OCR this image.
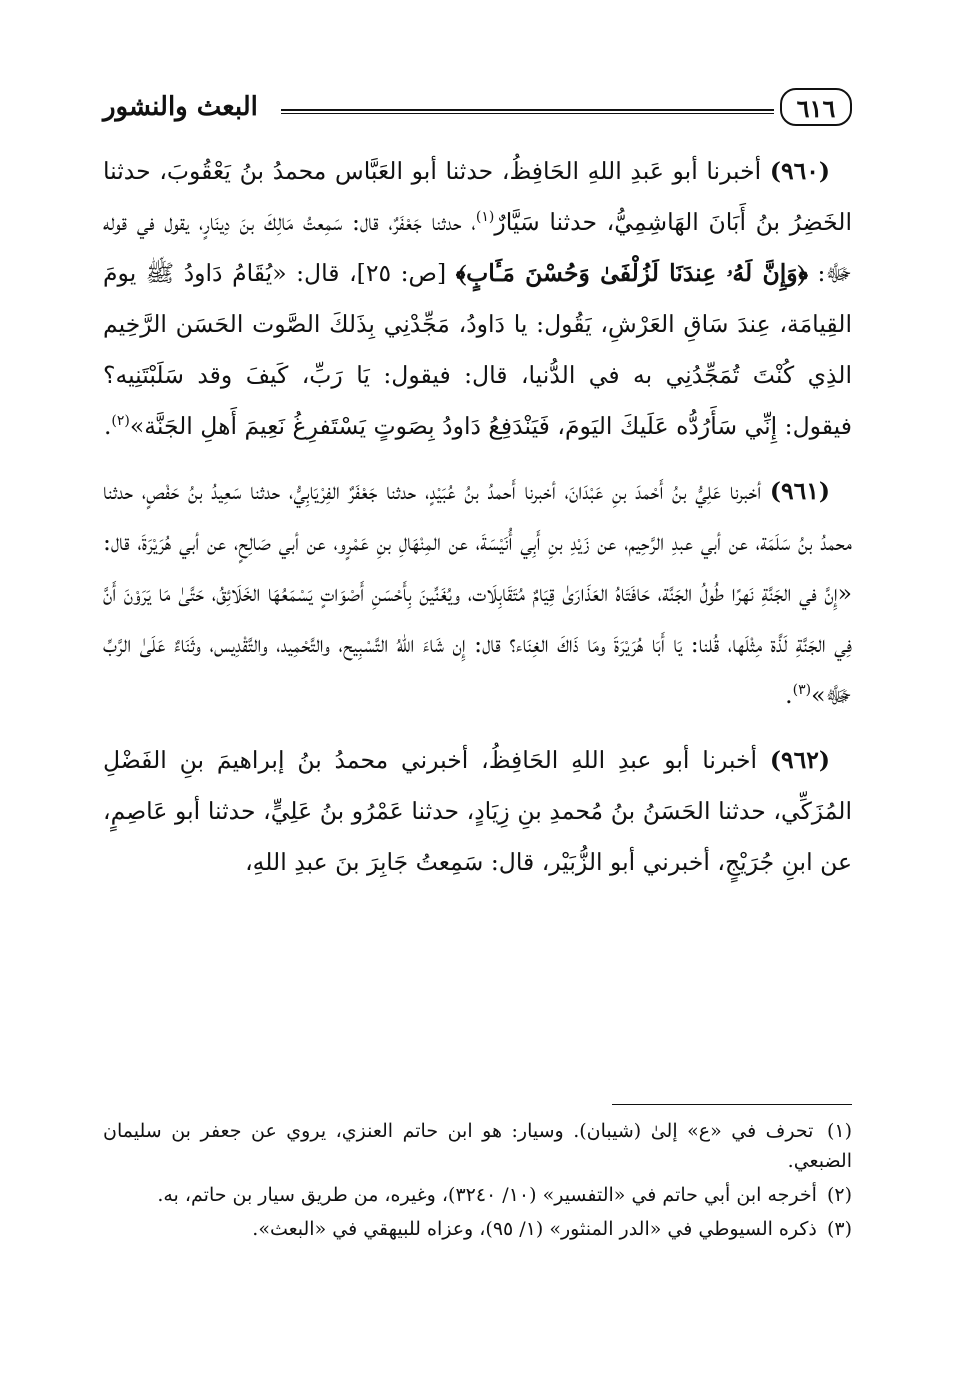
البعث والنشور	٦١٦

(٩٦٠) أخبرنا أبو عَبدِ اللهِ الحَافِظُ، حدثنا أبو العَبَّاس محمدُ بنُ يَعْقُوبَ، حدثنا الخَضِرُ بنُ أَبَانَ الهَاشِمِيُّ، حدثنا سَيَّارٌ$^{(١)}$، حدثنا جَعْفَرٌ، قال: سَمِعتُ مَالِكَ بنَ دِينَارٍ، يقول في قوله ﷻ: ﴿وَإِنَّ لَهُۥ عِندَنَا لَزُلْفَىٰ وَحُسْنَ مَـَٔابٍ﴾ [ص: ٢٥]، قال: «يُقَامُ دَاودُ ﷺ يومَ القِيامَة، عِندَ سَاقِ العَرْشِ، يَقُول: يا دَاودُ، مَجِّدْنِي بِذَلكَ الصَّوت الحَسَن الرَّخِيم الذِي كُنْتَ تُمَجِّدُنِي به في الدُّنيا، قال: فيقول: يَا رَبِّ، كَيفَ وقد سَلَبْتَنِيه؟ فيقول: إِنِّي سَأَرُدُّه عَلَيكَ اليَومَ، فَيَنْدَفِعُ دَاودُ بِصَوتٍ يَسْتَفرِغُ نَعِيمَ أَهلِ الجَنَّة»$^{(٢)}$.

(٩٦١) أخبرنا عَلِيُّ بنُ أَحْمدَ بنِ عَبْدَانَ، أخبرنا أَحمدُ بنُ عُبَيْدٍ، حدثنا جَعْفَرٌ الفِرْيَابِيُّ، حدثنا سَعِيدُ بنُ حَفْصٍ، حدثنا محمدُ بنُ سَلَمَة، عن أبي عبدِ الرَّحِيم، عن زَيْدِ بنِ أَبِي أُنَيْسَةَ، عن المِنْهَالِ بنِ عَمْرٍو، عن أبي صَالِحٍ، عن أبي هُرَيْرَةَ، قال: «إِنَّ في الجَنَّةِ نَهرًا طُولُ الجَنَّة، حَافَتَاهُ العَذَارَىٰ قِيَامٌ مُتَقَابِلَات، ويُغَنِّينَ بِأَحْسَنِ أَصْوَاتٍ يَسْمَعُهَا الخَلَائِقُ، حَتَّىٰ مَا يَرَوْنَ أَنَّ فِي الجَنَّةِ لَذَّة مِثْلَها، قُلنا: يَا أَبَا هُرَيْرَةَ ومَا ذَاكَ الغِنَاء؟ قال: إِن شَاءَ اللهُ التَّسْبِيح، والتَّحْمِيد، والتَّقْدِيس، وثَنَاءٌ عَلَىٰ الرَّبِّ ﷻ»$^{(٣)}$.

(٩٦٢) أخبرنا أبو عبدِ اللهِ الحَافِظُ، أخبرني محمدُ بنُ إبراهيمَ بنِ الفَضْلِ المُزَكِّي، حدثنا الحَسَنُ بنُ مُحمدِ بنِ زِيَادٍ، حدثنا عَمْرُو بنُ عَلِيٍّ، حدثنا أبو عَاصِمٍ، عن ابنِ جُرَيْجٍ، أخبرني أبو الزُّبَيْر، قال: سَمِعتُ جَابِرَ بنَ عبدِ اللهِ،

(١) تحرف في «ع» إلىٰ (شيبان). وسيار: هو ابن حاتم العنزي، يروي عن جعفر بن سليمان الضبعي.
(٢) أخرجه ابن أبي حاتم في «التفسير» (١٠/ ٣٢٤٠)، وغيره، من طريق سيار بن حاتم، به.
(٣) ذكره السيوطي في «الدر المنثور» (١/ ٩٥)، وعزاه للبيهقي في «البعث».
